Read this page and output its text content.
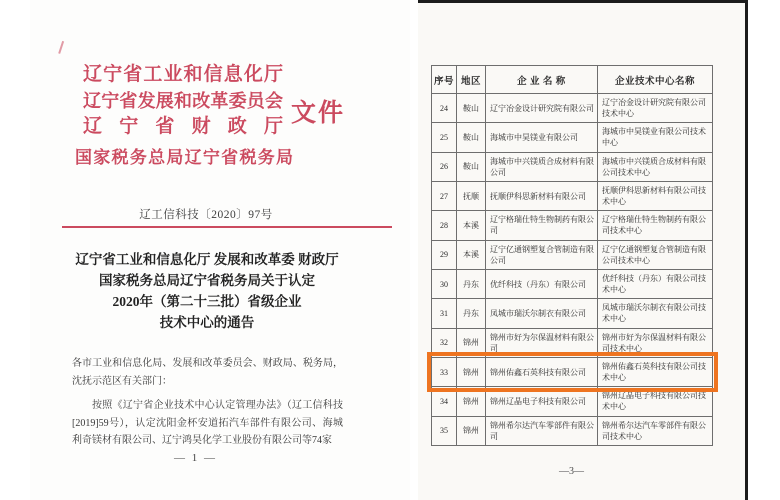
辽宁省工业和信息化厅
辽宁省发展和改革委员会
辽宁省财政厅
国家税务总局辽宁省税务局
文件
辽工信科技〔2020〕97号
辽宁省工业和信息化厅 发展和改革委 财政厅
国家税务总局辽宁省税务局关于认定
2020年（第二十三批）省级企业
技术中心的通告
各市工业和信息化局、发展和改革委员会、财政局、税务局，沈抚示范区有关部门：
按照《辽宁省企业技术中心认定管理办法》（辽工信科技[2019]59号），认定沈阳金杯安道拓汽车部件有限公司、海城利奇镁材有限公司、辽宁鸿昊化学工业股份有限公司等74家
— 1 —
序号	地区	企 业 名 称	企业技术中心名称
24	鞍山	辽宁冶金设计研究院有限公司	辽宁冶金设计研究院有限公司技术中心
25	鞍山	海城市中昊镁业有限公司	海城市中昊镁业有限公司技术中心
26	鞍山	海城市中兴镁质合成材料有限公司	海城市中兴镁质合成材料有限公司技术中心
27	抚顺	抚顺伊科思新材料有限公司	抚顺伊科思新材料有限公司技术中心
28	本溪	辽宁格瑞仕特生物制药有限公司	辽宁格瑞仕特生物制药有限公司技术中心
29	本溪	辽宁亿通钢塑复合管制造有限公司	辽宁亿通钢塑复合管制造有限公司技术中心
30	丹东	优纤科技（丹东）有限公司	优纤科技（丹东）有限公司技术中心
31	丹东	凤城市瑞沃尔制衣有限公司	凤城市瑞沃尔制衣有限公司技术中心
32	锦州	锦州市好为尔保温材料有限公司	锦州市好为尔保温材料有限公司技术中心
33	锦州	锦州佑鑫石英科技有限公司	锦州佑鑫石英科技有限公司技术中心
34	锦州	锦州辽晶电子科技有限公司	锦州辽晶电子科技有限公司技术中心
35	锦州	锦州希尔达汽车零部件有限公司	锦州希尔达汽车零部件有限公司技术中心
—3—
